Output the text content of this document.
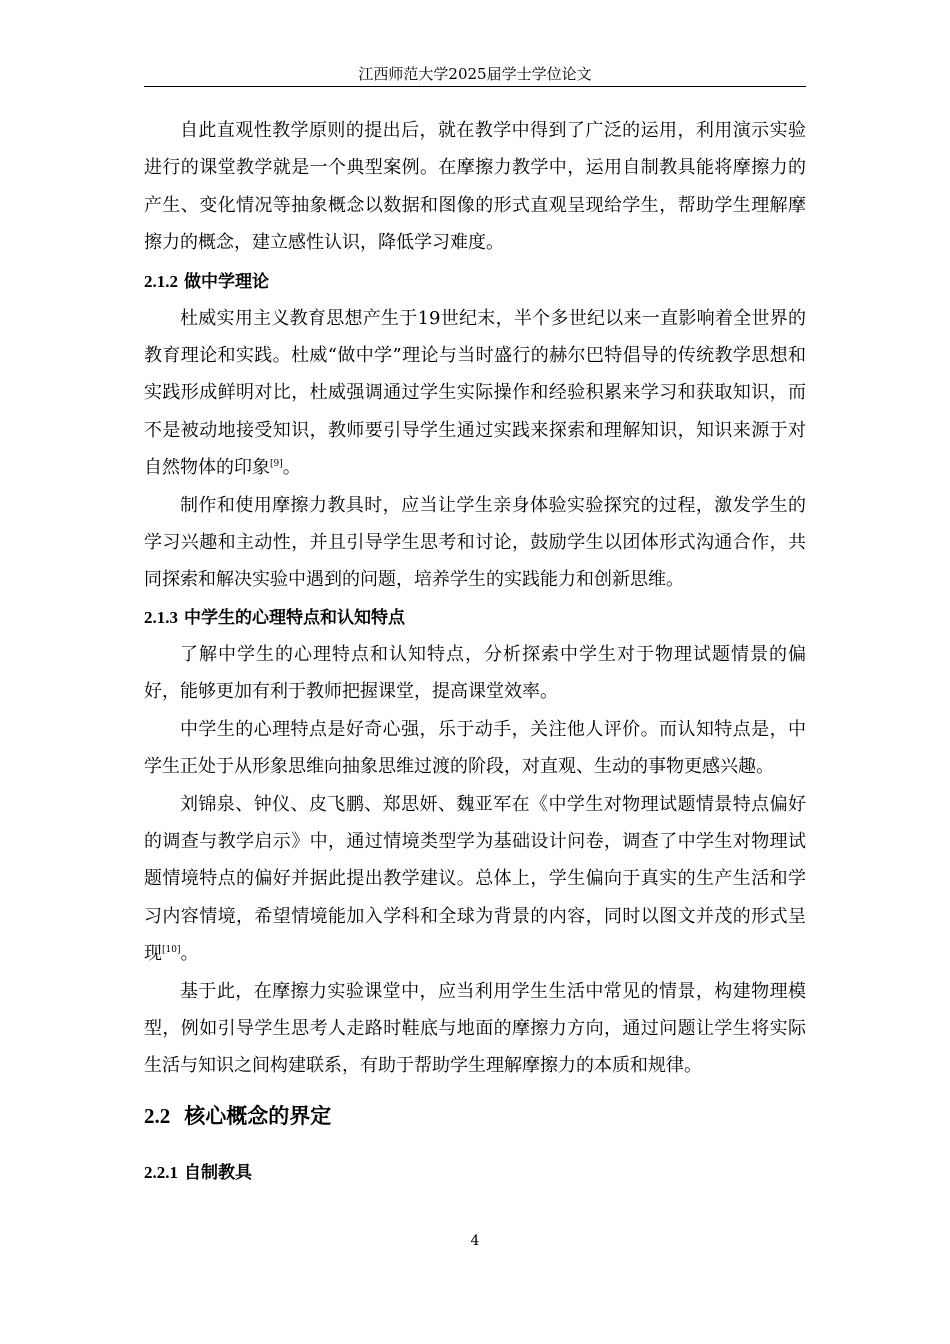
江西师范大学2025届学士学位论文

自此直观性教学原则的提出后，就在教学中得到了广泛的运用，利用演示实验进行的课堂教学就是一个典型案例。在摩擦力教学中，运用自制教具能将摩擦力的产生、变化情况等抽象概念以数据和图像的形式直观呈现给学生，帮助学生理解摩擦力的概念，建立感性认识，降低学习难度。

2.1.2 做中学理论

杜威实用主义教育思想产生于19世纪末，半个多世纪以来一直影响着全世界的教育理论和实践。杜威“做中学”理论与当时盛行的赫尔巴特倡导的传统教学思想和实践形成鲜明对比，杜威强调通过学生实际操作和经验积累来学习和获取知识，而不是被动地接受知识，教师要引导学生通过实践来探索和理解知识，知识来源于对自然物体的印象[9]。

制作和使用摩擦力教具时，应当让学生亲身体验实验探究的过程，激发学生的学习兴趣和主动性，并且引导学生思考和讨论，鼓励学生以团体形式沟通合作，共同探索和解决实验中遇到的问题，培养学生的实践能力和创新思维。

2.1.3 中学生的心理特点和认知特点

了解中学生的心理特点和认知特点，分析探索中学生对于物理试题情景的偏好，能够更加有利于教师把握课堂，提高课堂效率。

中学生的心理特点是好奇心强，乐于动手，关注他人评价。而认知特点是，中学生正处于从形象思维向抽象思维过渡的阶段，对直观、生动的事物更感兴趣。

刘锦泉、钟仪、皮飞鹏、郑思妍、魏亚军在《中学生对物理试题情景特点偏好的调查与教学启示》中，通过情境类型学为基础设计问卷，调查了中学生对物理试题情境特点的偏好并据此提出教学建议。总体上，学生偏向于真实的生产生活和学习内容情境，希望情境能加入学科和全球为背景的内容，同时以图文并茂的形式呈现[10]。

基于此，在摩擦力实验课堂中，应当利用学生生活中常见的情景，构建物理模型，例如引导学生思考人走路时鞋底与地面的摩擦力方向，通过问题让学生将实际生活与知识之间构建联系，有助于帮助学生理解摩擦力的本质和规律。

2.2 核心概念的界定
2.2.1 自制教具
4
